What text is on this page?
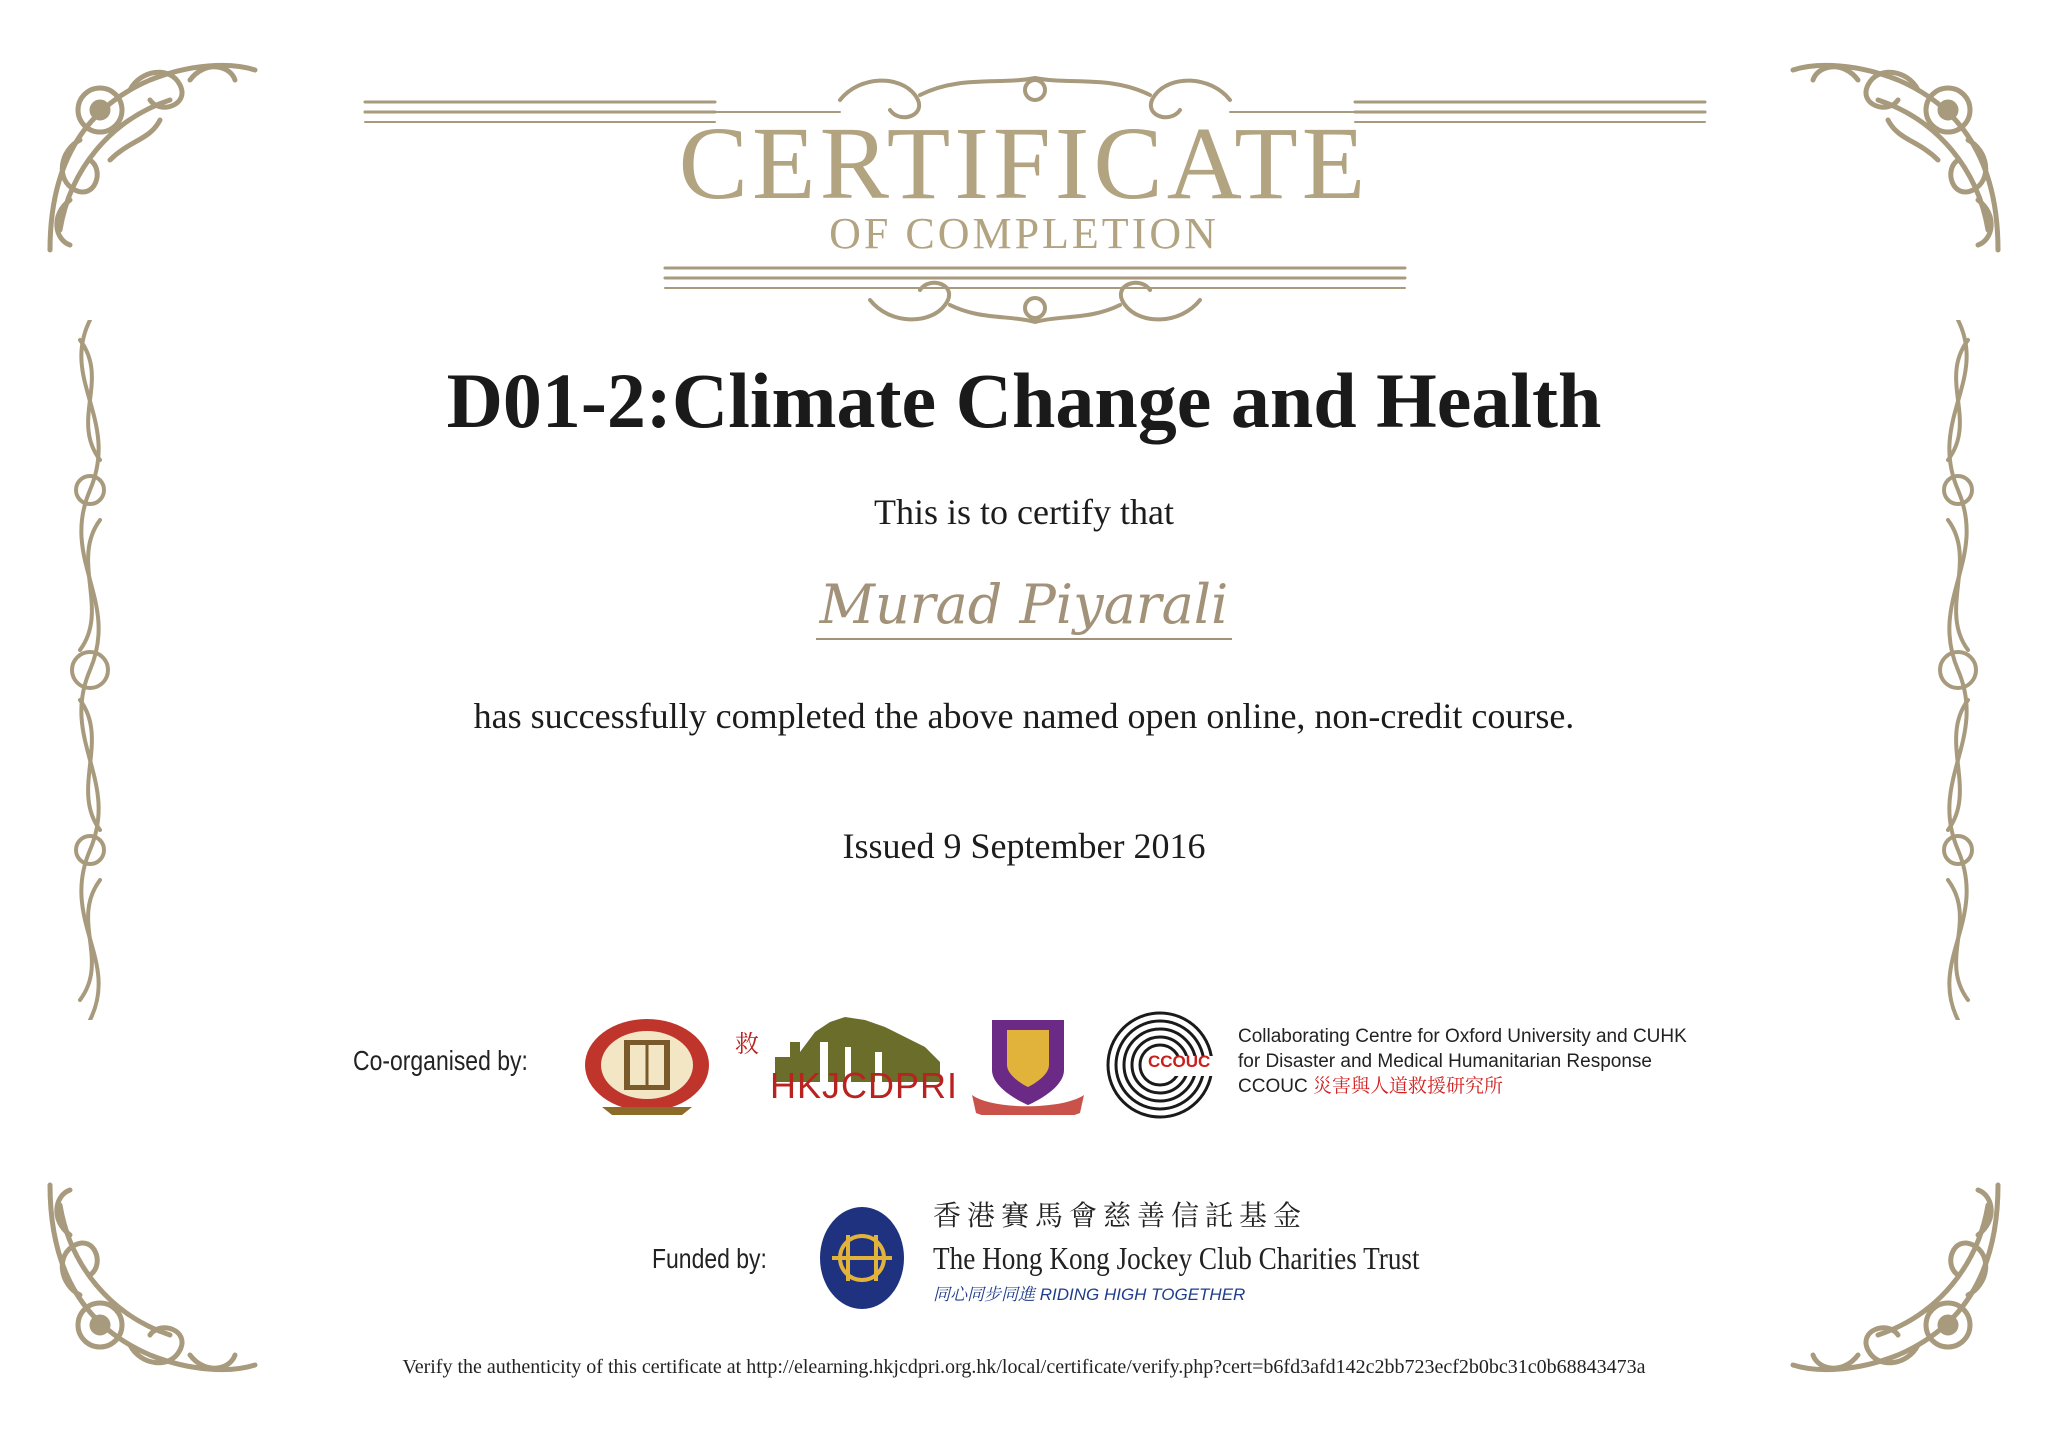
CERTIFICATE
OF COMPLETION
D01-2:Climate Change and Health
This is to certify that
Murad Piyarali
has successfully completed the above named open online, non-credit course.
Issued 9 September 2016
Co-organised by:
救
HKJCDPRI
CCOUC
Collaborating Centre for Oxford University and CUHK
for Disaster and Medical Humanitarian Response
CCOUC 災害與人道救援研究所
Funded by:
香港賽馬會慈善信託基金
The Hong Kong Jockey Club Charities Trust
同心同步同進 RIDING HIGH TOGETHER
Verify the authenticity of this certificate at http://elearning.hkjcdpri.org.hk/local/certificate/verify.php?cert=b6fd3afd142c2bb723ecf2b0bc31c0b68843473a
